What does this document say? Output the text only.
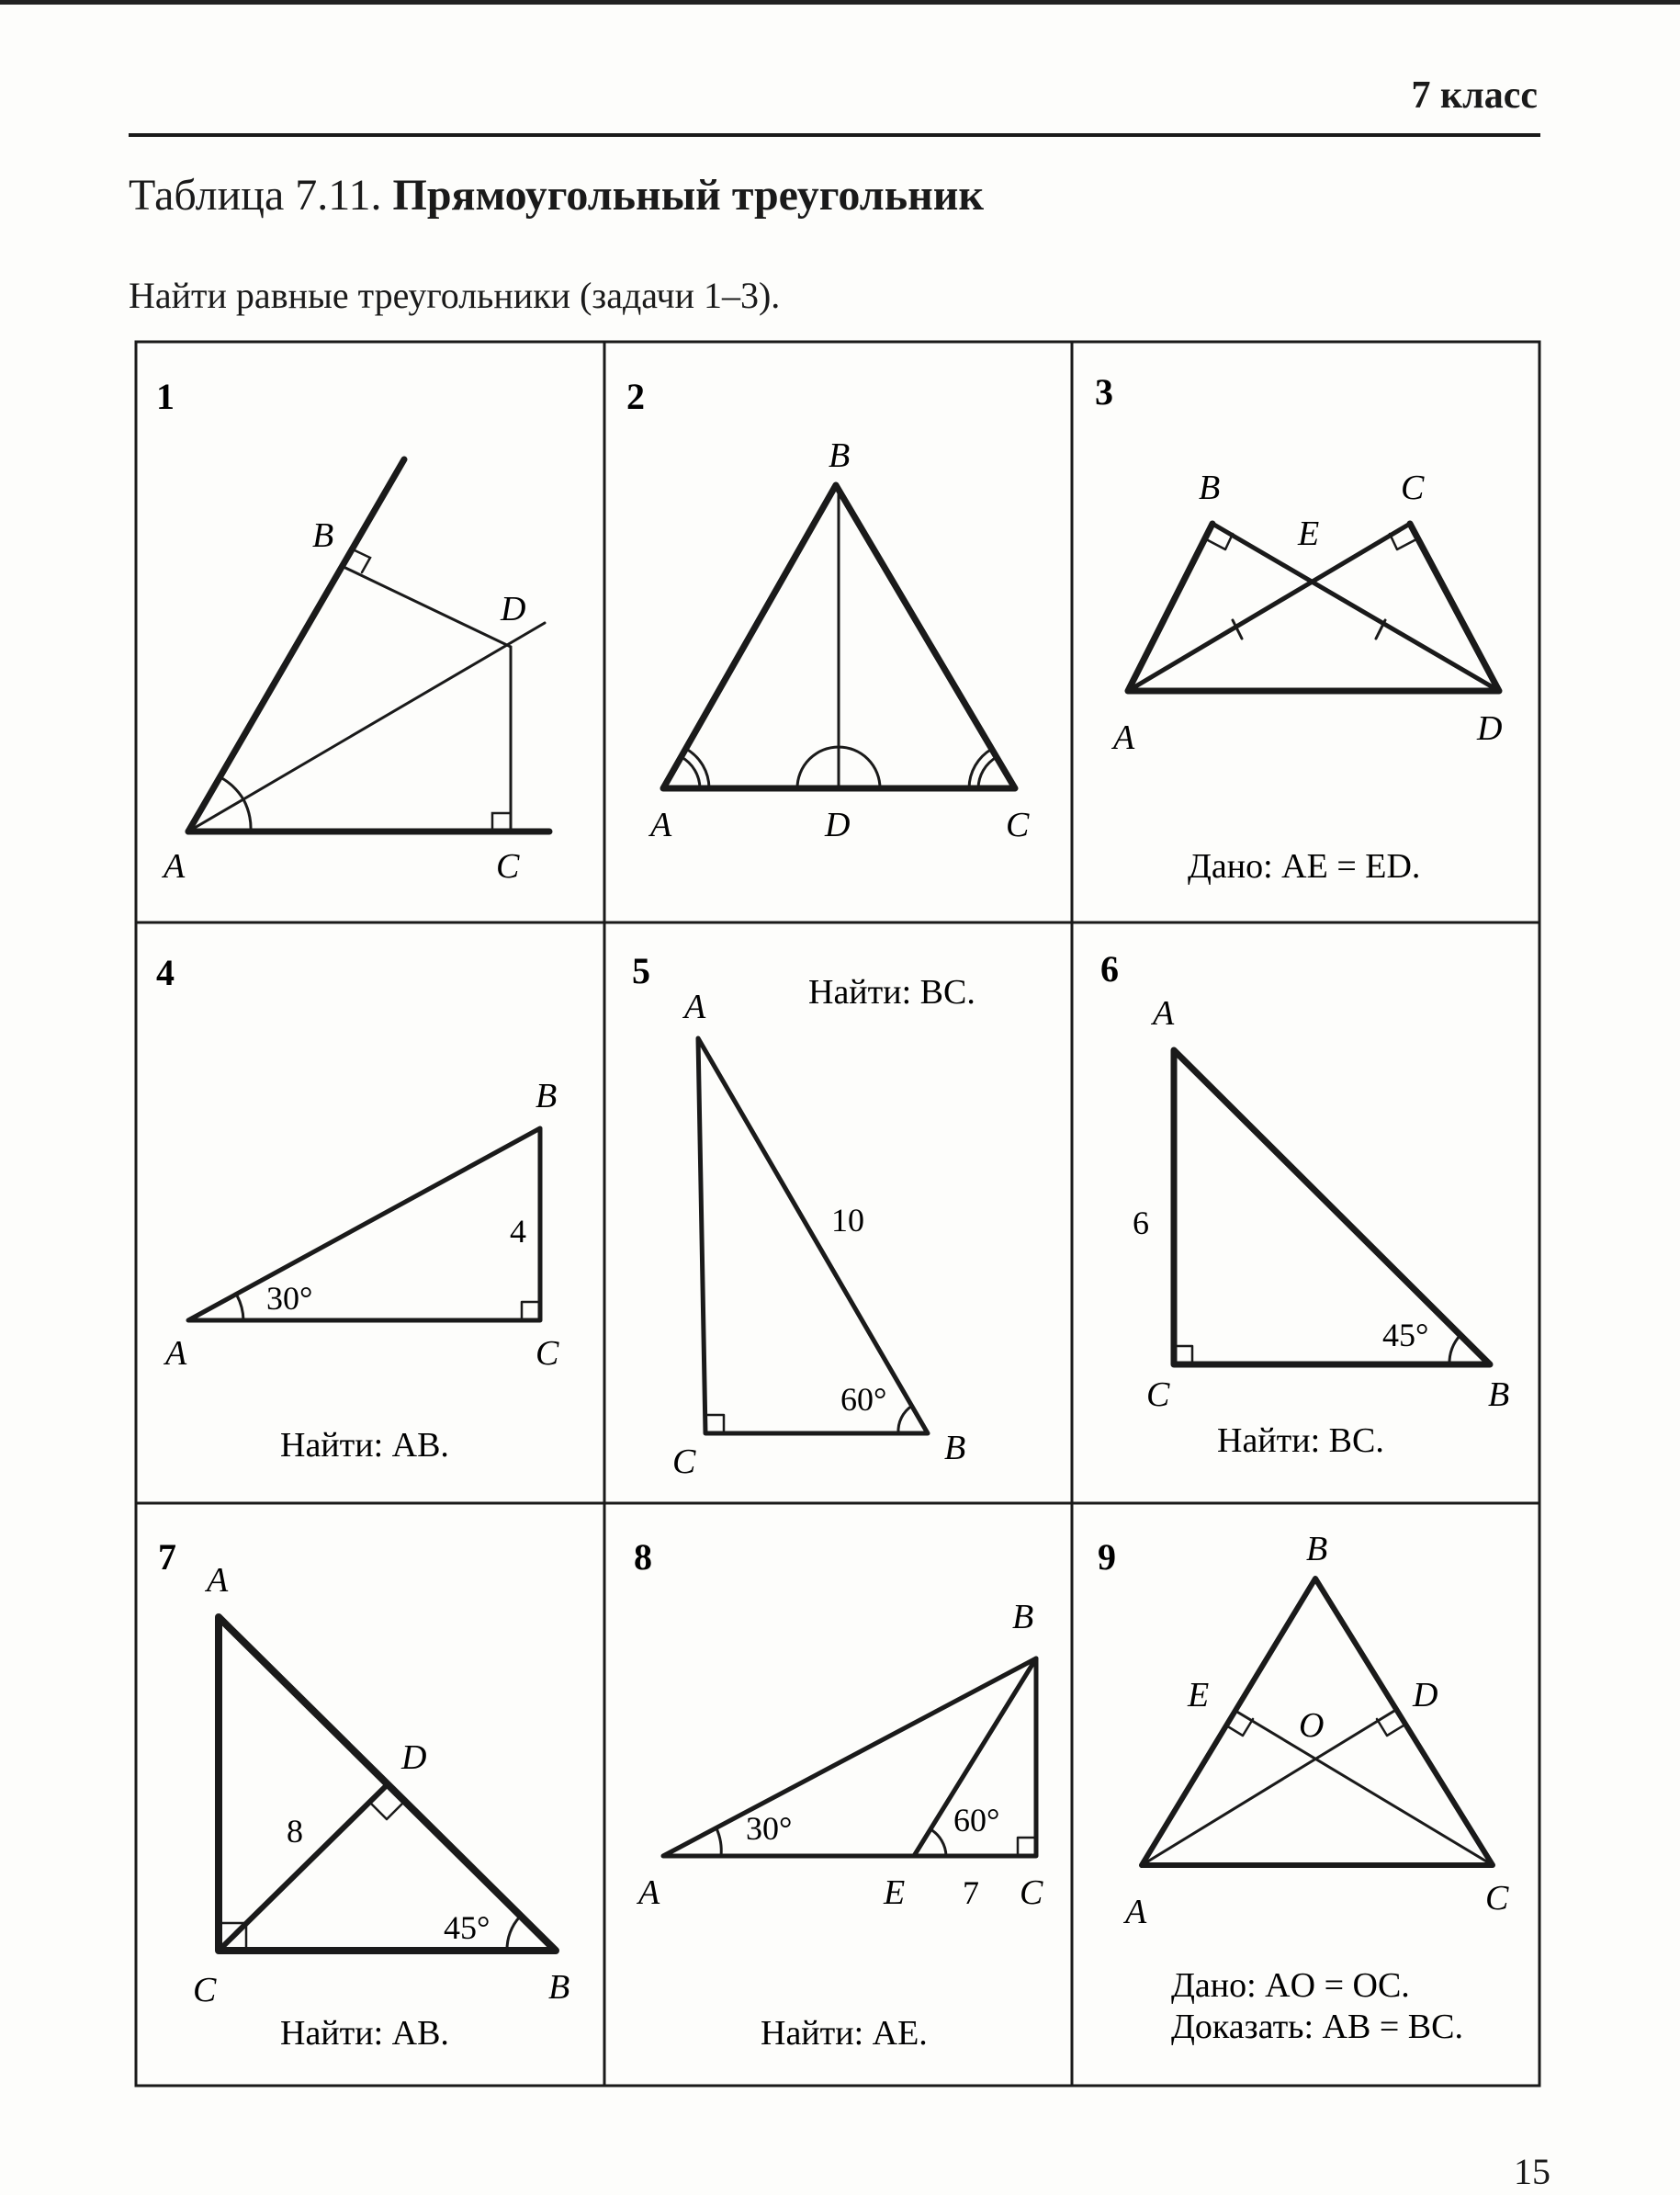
7 класс
Таблица 7.11. Прямоугольный треугольник
Найти равные треугольники (задачи 1–3).
1
A
B
C
D
2
A
B
C
D
3
A
B	C
D
E
Дано: AE = ED.
4
A
B
C
4
30°
Найти: AB.
5
Найти: BC.
A
B
C
10
60°
6
A
B
C
6
45°
Найти: BC.
7
A
B
C
D
8
45°
Найти: AB.
8
A
B
C
E 7
30°	60°
Найти: AE.
9
A
B
C
D
E
O
Дано: AO = OC.
Доказать: AB = BC.
15
